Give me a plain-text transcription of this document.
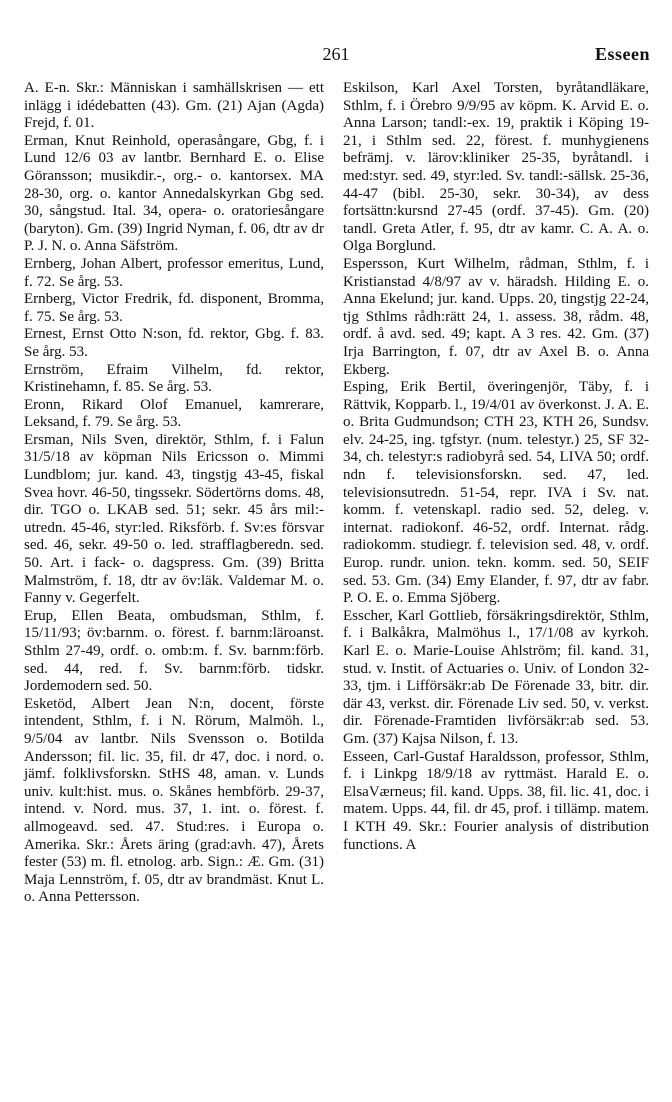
261	Esseen

A. E-n. Skr.: Människan i samhällskrisen — ett inlägg i idédebatten (43). Gm. (21) Ajan (Agda) Frejd, f. 01.

Erman, Knut Reinhold, operasångare, Gbg, f. i Lund 12/6 03 av lantbr. Bernhard E. o. Elise Göransson; musikdir.-, org.- o. kantorsex. MA 28-30, org. o. kantor Annedalskyrkan Gbg sed. 30, sångstud. Ital. 34, opera- o. oratoriesångare (baryton). Gm. (39) Ingrid Nyman, f. 06, dtr av dr P. J. N. o. Anna Säfström.

Ernberg, Johan Albert, professor emeritus, Lund, f. 72. Se årg. 53.

Ernberg, Victor Fredrik, fd. disponent, Bromma, f. 75. Se årg. 53.

Ernest, Ernst Otto N:son, fd. rektor, Gbg. f. 83. Se årg. 53.

Ernström, Efraim Vilhelm, fd. rektor, Kristinehamn, f. 85. Se årg. 53.

Eronn, Rikard Olof Emanuel, kamrerare, Leksand, f. 79. Se årg. 53.

Ersman, Nils Sven, direktör, Sthlm, f. i Falun 31/5/18 av köpman Nils Ericsson o. Mimmi Lundblom; jur. kand. 43, tingstjg 43-45, fiskal Svea hovr. 46-50, tingssekr. Södertörns doms. 48, dir. TGO o. LKAB sed. 51; sekr. 45 års mil:-utredn. 45-46, styr:led. Riksförb. f. Sv:es försvar sed. 46, sekr. 49-50 o. led. strafflagberedn. sed. 50. Art. i fack- o. dagspress. Gm. (39) Britta Malmström, f. 18, dtr av öv:läk. Valdemar M. o. Fanny v. Gegerfelt.

Erup, Ellen Beata, ombudsman, Sthlm, f. 15/11/93; öv:barnm. o. förest. f. barnm:läroanst. Sthlm 27-49, ordf. o. omb:m. f. Sv. barnm:förb. sed. 44, red. f. Sv. barnm:förb. tidskr. Jordemodern sed. 50.

Esketöd, Albert Jean N:n, docent, förste intendent, Sthlm, f. i N. Rörum, Malmöh. l., 9/5/04 av lantbr. Nils Svensson o. Botilda Andersson; fil. lic. 35, fil. dr 47, doc. i nord. o. jämf. folklivsforskn. StHS 48, aman. v. Lunds univ. kult:hist. mus. o. Skånes hembförb. 29-37, intend. v. Nord. mus. 37, 1. int. o. förest. f. allmogeavd. sed. 47. Stud:res. i Europa o. Amerika. Skr.: Årets äring (grad:avh. 47), Årets fester (53) m. fl. etnolog. arb. Sign.: Æ. Gm. (31) Maja Lennström, f. 05, dtr av brandmäst. Knut L. o. Anna Pettersson.

Eskilson, Karl Axel Torsten, byråtandläkare, Sthlm, f. i Örebro 9/9/95 av köpm. K. Arvid E. o. Anna Larson; tandl:-ex. 19, praktik i Köping 19-21, i Sthlm sed. 22, förest. f. munhygienens befrämj. v. lärov:kliniker 25-35, byråtandl. i med:styr. sed. 49, styr:led. Sv. tandl:-sällsk. 25-36, 44-47 (bibl. 25-30, sekr. 30-34), av dess fortsättn:kursnd 27-45 (ordf. 37-45). Gm. (20) tandl. Greta Atler, f. 95, dtr av kamr. C. A. A. o. Olga Borglund.

Espersson, Kurt Wilhelm, rådman, Sthlm, f. i Kristianstad 4/8/97 av v. häradsh. Hilding E. o. Anna Ekelund; jur. kand. Upps. 20, tingstjg 22-24, tjg Sthlms rådh:rätt 24, 1. assess. 38, rådm. 48, ordf. å avd. sed. 49; kapt. A 3 res. 42. Gm. (37) Irja Barrington, f. 07, dtr av Axel B. o. Anna Ekberg.

Esping, Erik Bertil, överingenjör, Täby, f. i Rättvik, Kopparb. l., 19/4/01 av överkonst. J. A. E. o. Brita Gudmundson; CTH 23, KTH 26, Sundsv. elv. 24-25, ing. tgfstyr. (num. telestyr.) 25, SF 32-34, ch. telestyr:s radiobyrå sed. 54, LIVA 50; ordf. ndn f. televisionsforskn. sed. 47, led. televisionsutredn. 51-54, repr. IVA i Sv. nat. komm. f. vetenskapl. radio sed. 52, deleg. v. internat. radiokonf. 46-52, ordf. Internat. rådg. radiokomm. studiegr. f. television sed. 48, v. ordf. Europ. rundr. union. tekn. komm. sed. 50, SEIF sed. 53. Gm. (34) Emy Elander, f. 97, dtr av fabr. P. O. E. o. Emma Sjöberg.

Esscher, Karl Gottlieb, försäkringsdirektör, Sthlm, f. i Balkåkra, Malmöhus l., 17/1/08 av kyrkoh. Karl E. o. Marie-Louise Ahlström; fil. kand. 31, stud. v. Instit. of Actuaries o. Univ. of London 32-33, tjm. i Lifförsäkr:ab De Förenade 33, bitr. dir. där 43, verkst. dir. Förenade Liv sed. 50, v. verkst. dir. Förenade-Framtiden livförsäkr:ab sed. 53. Gm. (37) Kajsa Nilson, f. 13.

Esseen, Carl-Gustaf Haraldsson, professor, Sthlm, f. i Linkpg 18/9/18 av ryttmäst. Harald E. o. ElsaVærneus; fil. kand. Upps. 38, fil. lic. 41, doc. i matem. Upps. 44, fil. dr 45, prof. i tillämp. matem. I KTH 49. Skr.: Fourier analysis of distribution functions. A
